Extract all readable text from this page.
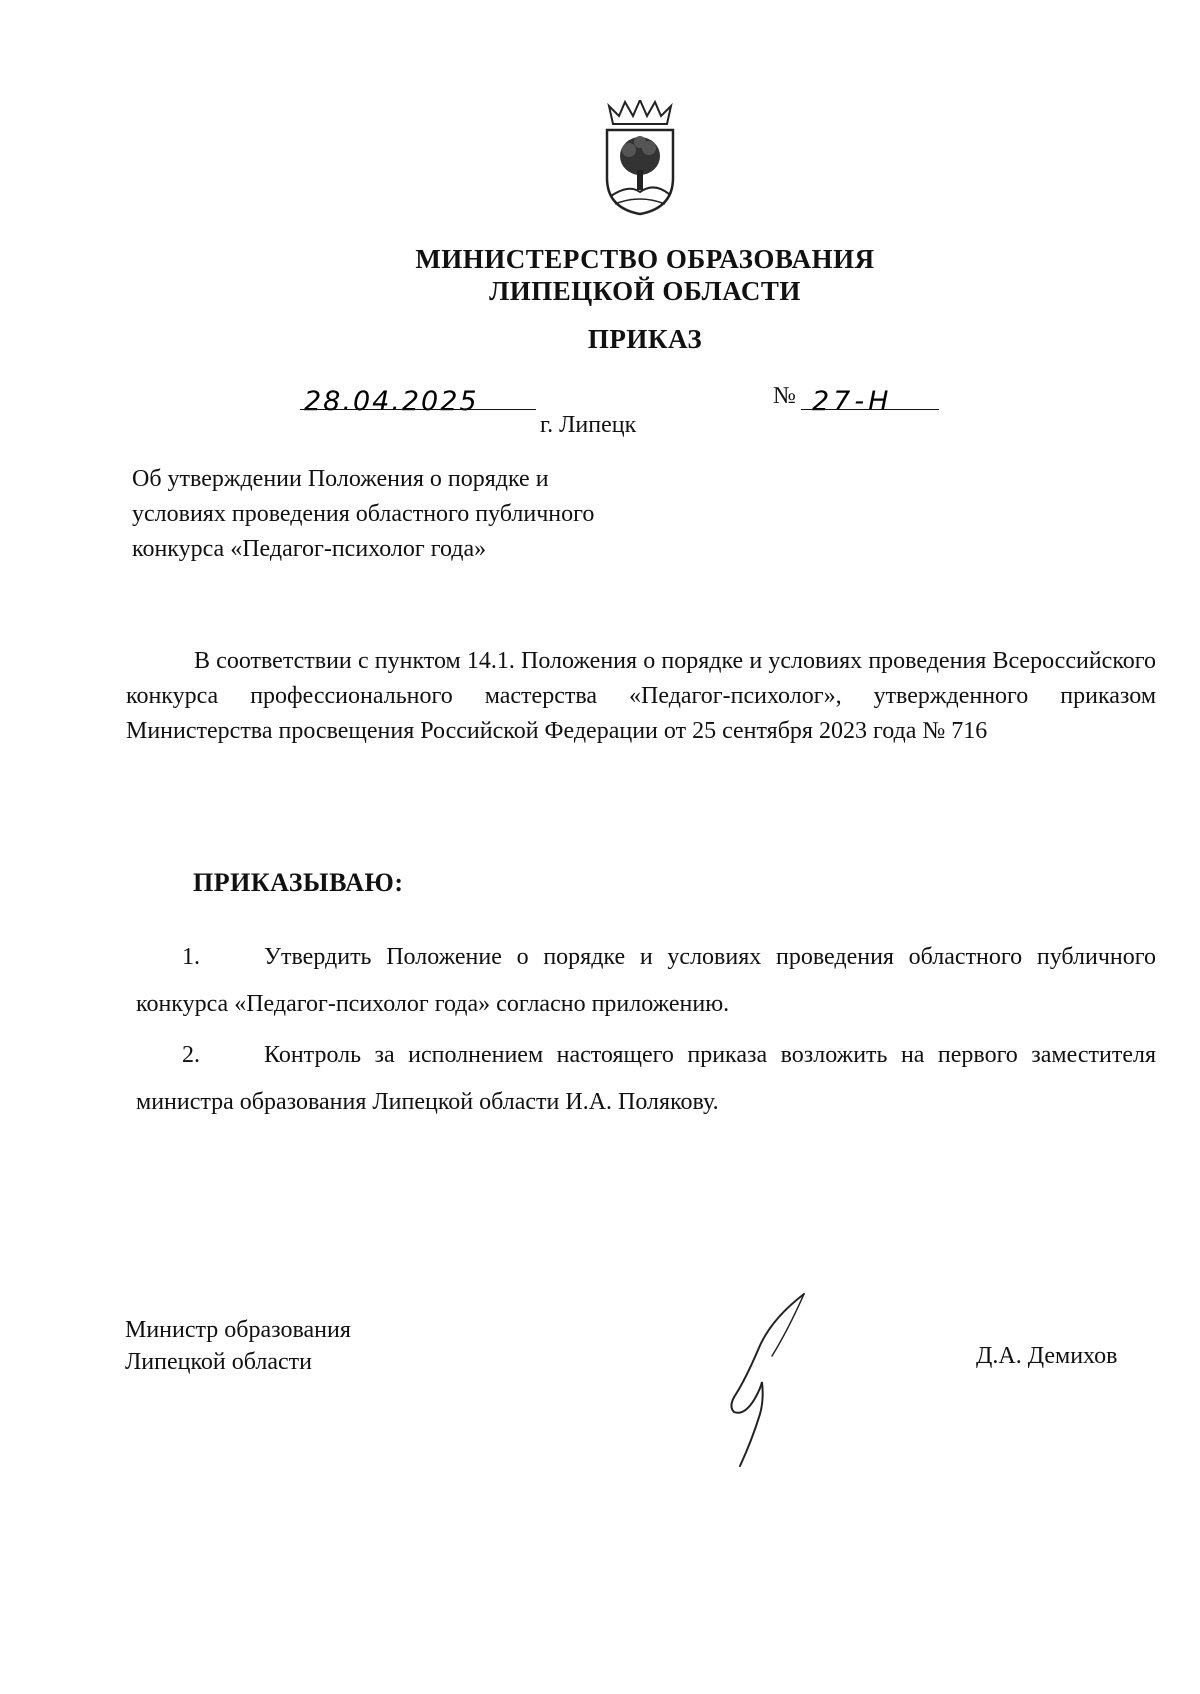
МИНИСТЕРСТВО ОБРАЗОВАНИЯ
ЛИПЕЦКОЙ ОБЛАСТИ
ПРИКАЗ
28.04.2025	№ 27-Н
г. Липецк
Об утверждении Положения о порядке и
условиях проведения областного публичного
конкурса «Педагог-психолог года»
В соответствии с пунктом 14.1. Положения о порядке и условиях проведения Всероссийского конкурса профессионального мастерства «Педагог-психолог», утвержденного приказом Министерства просвещения Российской Федерации от 25 сентября 2023 года № 716
ПРИКАЗЫВАЮ:
1.	Утвердить Положение о порядке и условиях проведения областного публичного конкурса «Педагог-психолог года» согласно приложению.
2.	Контроль за исполнением настоящего приказа возложить на первого заместителя министра образования Липецкой области И.А. Полякову.
Министр образования
Липецкой области	Д.А. Демихов
